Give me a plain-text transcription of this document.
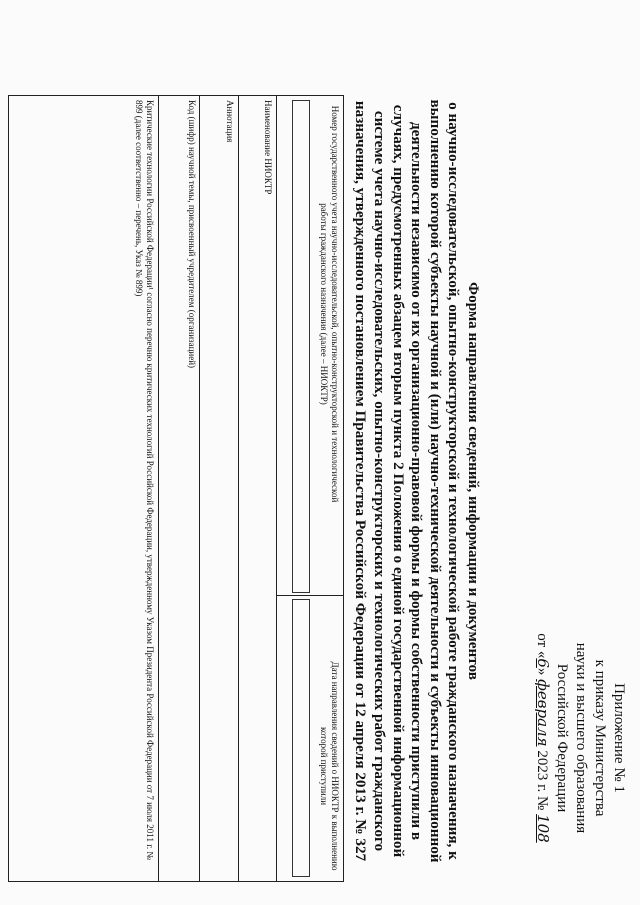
Приложение № 1
к приказу Министерства
науки и высшего образования
Российской Федерации
от «6» февраля 2023 г. № 108
Форма направления сведений, информации и документов
о научно-исследовательской, опытно-конструкторской и технологической работе гражданского назначения, к выполнению которой субъекты научной и (или) научно-технической деятельности и субъекты инновационной деятельности независимо от их организационно-правовой формы и формы собственности приступили в случаях, предусмотренных абзацем вторым пункта 2 Положения о единой государственной информационной системе учета научно-исследовательских, опытно-конструкторских и технологических работ гражданского назначения, утвержденного постановлением Правительства Российской Федерации от 12 апреля 2013 г. № 327
Номер государственного учета научно-исследовательской, опытно-конструкторской и технологической работы гражданского назначения (далее – НИОКТР)
Дата направления сведений о НИОКТР к выполнению которой приступили
Наименование НИОКТР
Аннотация
Код (шифр) научной темы, присвоенный учредителем (организацией)
Критические технологии Российской Федерации¹ согласно перечню критических технологий Российской Федерации, утвержденному Указом Президента Российской Федерации от 7 июля 2011 г. № 899 (далее соответственно – перечень, Указ № 899)
